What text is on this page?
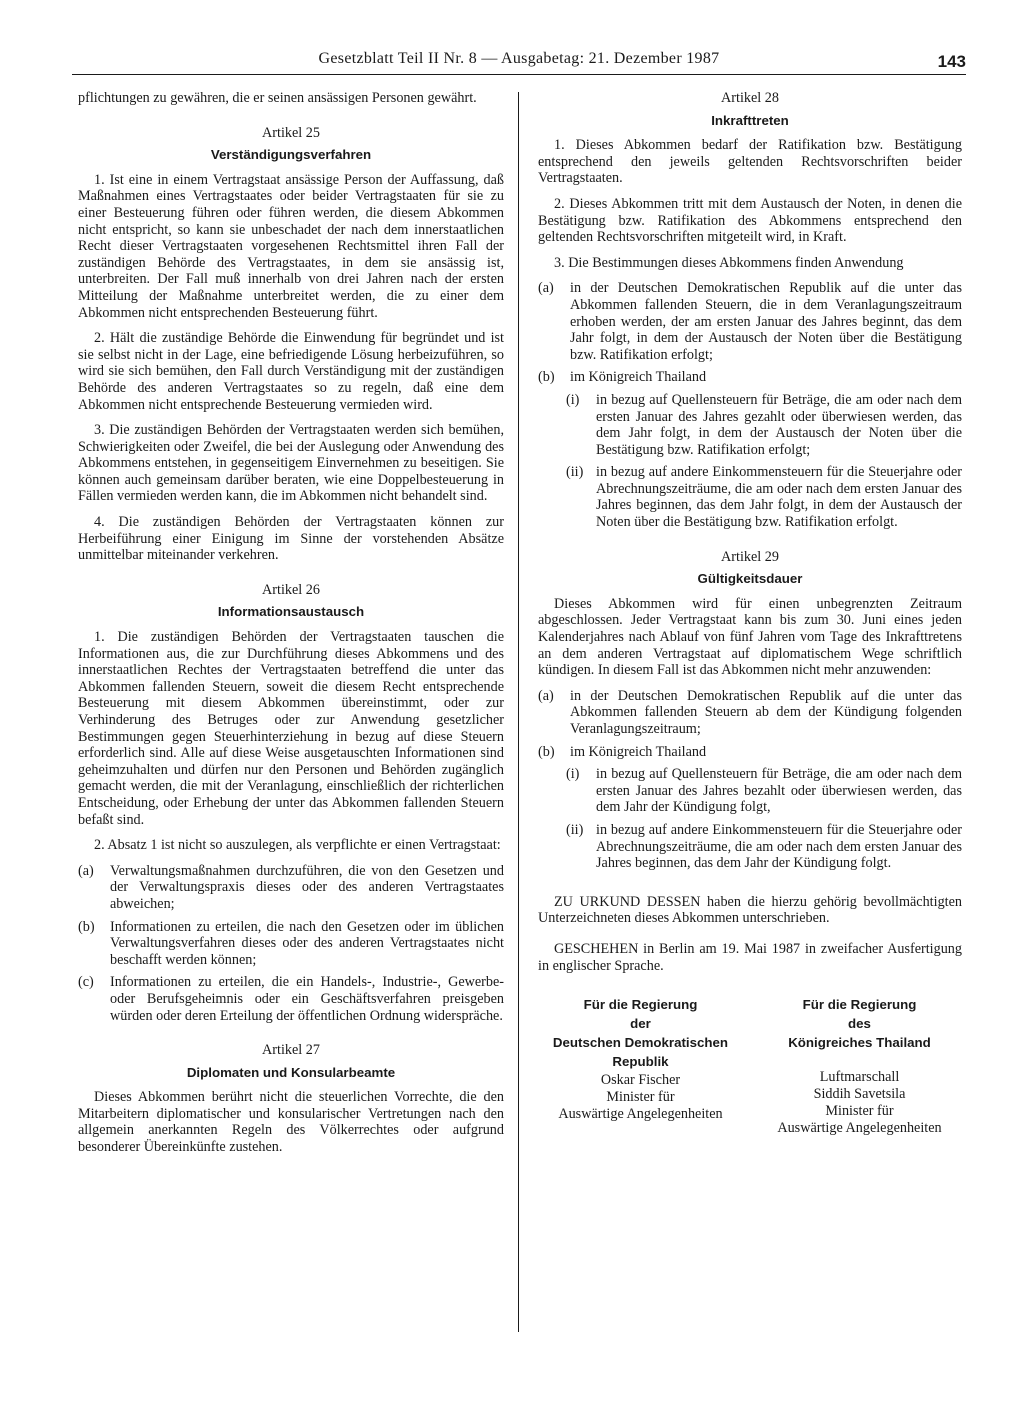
Gesetzblatt Teil II Nr. 8 — Ausgabetag: 21. Dezember 1987	143

pflichtungen zu gewähren, die er seinen ansässigen Personen gewährt.

Artikel 25
Verständigungsverfahren

1. Ist eine in einem Vertragstaat ansässige Person der Auffassung, daß Maßnahmen eines Vertragstaates oder beider Vertragstaaten für sie zu einer Besteuerung führen oder führen werden, die diesem Abkommen nicht entspricht, so kann sie unbeschadet der nach dem innerstaatlichen Recht dieser Vertragstaaten vorgesehenen Rechtsmittel ihren Fall der zuständigen Behörde des Vertragstaates, in dem sie ansässig ist, unterbreiten. Der Fall muß innerhalb von drei Jahren nach der ersten Mitteilung der Maßnahme unterbreitet werden, die zu einer dem Abkommen nicht entsprechenden Besteuerung führt.

2. Hält die zuständige Behörde die Einwendung für begründet und ist sie selbst nicht in der Lage, eine befriedigende Lösung herbeizuführen, so wird sie sich bemühen, den Fall durch Verständigung mit der zuständigen Behörde des anderen Vertragstaates so zu regeln, daß eine dem Abkommen nicht entsprechende Besteuerung vermieden wird.

3. Die zuständigen Behörden der Vertragstaaten werden sich bemühen, Schwierigkeiten oder Zweifel, die bei der Auslegung oder Anwendung des Abkommens entstehen, in gegenseitigem Einvernehmen zu beseitigen. Sie können auch gemeinsam darüber beraten, wie eine Doppelbesteuerung in Fällen vermieden werden kann, die im Abkommen nicht behandelt sind.

4. Die zuständigen Behörden der Vertragstaaten können zur Herbeiführung einer Einigung im Sinne der vorstehenden Absätze unmittelbar miteinander verkehren.

Artikel 26
Informationsaustausch

1. Die zuständigen Behörden der Vertragstaaten tauschen die Informationen aus, die zur Durchführung dieses Abkommens und des innerstaatlichen Rechtes der Vertragstaaten betreffend die unter das Abkommen fallenden Steuern, soweit die diesem Recht entsprechende Besteuerung mit diesem Abkommen übereinstimmt, oder zur Verhinderung des Betruges oder zur Anwendung gesetzlicher Bestimmungen gegen Steuerhinterziehung in bezug auf diese Steuern erforderlich sind. Alle auf diese Weise ausgetauschten Informationen sind geheimzuhalten und dürfen nur den Personen und Behörden zugänglich gemacht werden, die mit der Veranlagung, einschließlich der richterlichen Entscheidung, oder Erhebung der unter das Abkommen fallenden Steuern befaßt sind.

2. Absatz 1 ist nicht so auszulegen, als verpflichte er einen Vertragstaat:

(a)	Verwaltungsmaßnahmen durchzuführen, die von den Gesetzen und der Verwaltungspraxis dieses oder des anderen Vertragstaates abweichen;
(b)	Informationen zu erteilen, die nach den Gesetzen oder im üblichen Verwaltungsverfahren dieses oder des anderen Vertragstaates nicht beschafft werden können;
(c)	Informationen zu erteilen, die ein Handels-, Industrie-, Gewerbe- oder Berufsgeheimnis oder ein Geschäftsverfahren preisgeben würden oder deren Erteilung der öffentlichen Ordnung widerspräche.
Artikel 27
Diplomaten und Konsularbeamte

Dieses Abkommen berührt nicht die steuerlichen Vorrechte, die den Mitarbeitern diplomatischer und konsularischer Vertretungen nach den allgemein anerkannten Regeln des Völkerrechtes oder aufgrund besonderer Übereinkünfte zustehen.

Artikel 28
Inkrafttreten

1. Dieses Abkommen bedarf der Ratifikation bzw. Bestätigung entsprechend den jeweils geltenden Rechtsvorschriften beider Vertragstaaten.

2. Dieses Abkommen tritt mit dem Austausch der Noten, in denen die Bestätigung bzw. Ratifikation des Abkommens entsprechend den geltenden Rechtsvorschriften mitgeteilt wird, in Kraft.

3. Die Bestimmungen dieses Abkommens finden Anwendung

(a)	in der Deutschen Demokratischen Republik auf die unter das Abkommen fallenden Steuern, die in dem Veranlagungszeitraum erhoben werden, der am ersten Januar des Jahres beginnt, das dem Jahr folgt, in dem der Austausch der Noten über die Bestätigung bzw. Ratifikation erfolgt;
(b)	im Königreich Thailand
(i)	in bezug auf Quellensteuern für Beträge, die am oder nach dem ersten Januar des Jahres gezahlt oder überwiesen werden, das dem Jahr folgt, in dem der Austausch der Noten über die Bestätigung bzw. Ratifikation erfolgt;
(ii) in bezug auf andere Einkommensteuern für die Steuerjahre oder Abrechnungszeiträume, die am oder nach dem ersten Januar des Jahres beginnen, das dem Jahr folgt, in dem der Austausch der Noten über die Bestätigung bzw. Ratifikation erfolgt.
Artikel 29
Gültigkeitsdauer

Dieses Abkommen wird für einen unbegrenzten Zeitraum abgeschlossen. Jeder Vertragstaat kann bis zum 30. Juni eines jeden Kalenderjahres nach Ablauf von fünf Jahren vom Tage des Inkrafttretens an dem anderen Vertragstaat auf diplomatischem Wege schriftlich kündigen. In diesem Fall ist das Abkommen nicht mehr anzuwenden:

(a)	in der Deutschen Demokratischen Republik auf die unter das Abkommen fallenden Steuern ab dem der Kündigung folgenden Veranlagungszeitraum;
(b)	im Königreich Thailand
(i)	in bezug auf Quellensteuern für Beträge, die am oder nach dem ersten Januar des Jahres bezahlt oder überwiesen werden, das dem Jahr der Kündigung folgt,
(ii) in bezug auf andere Einkommensteuern für die Steuerjahre oder Abrechnungszeiträume, die am oder nach dem ersten Januar des Jahres beginnen, das dem Jahr der Kündigung folgt.

ZU URKUND DESSEN haben die hierzu gehörig bevollmächtigten Unterzeichneten dieses Abkommen unterschrieben.

GESCHEHEN in Berlin am 19. Mai 1987 in zweifacher Ausfertigung in englischer Sprache.

Für die Regierung
der
Deutschen Demokratischen
Republik
Oskar Fischer
Minister für
Auswärtige Angelegenheiten
Für die Regierung
des
Königreiches Thailand
Luftmarschall
Siddih Savetsila
Minister für
Auswärtige Angelegenheiten
